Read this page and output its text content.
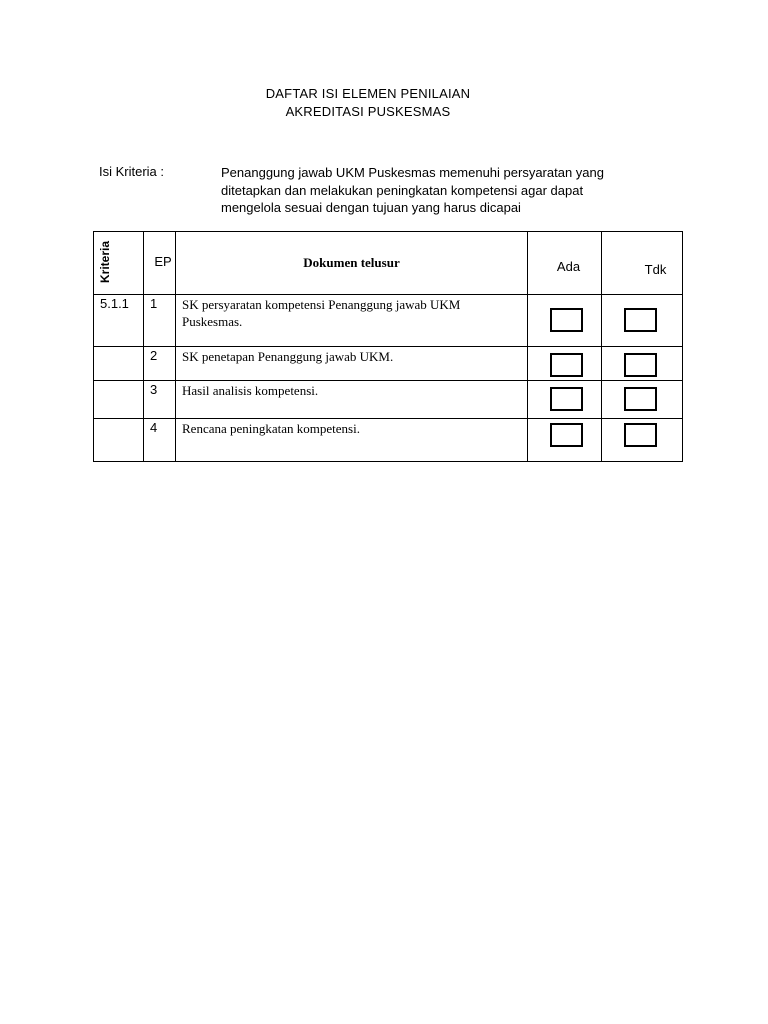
DAFTAR ISI ELEMEN PENILAIAN
AKREDITASI PUSKESMAS
Isi Kriteria :	Penanggung jawab UKM Puskesmas memenuhi persyaratan yang
ditetapkan dan melakukan peningkatan kompetensi agar dapat
mengelola sesuai dengan tujuan yang harus dicapai
Kriteria	EP	Dokumen telusur	Ada	Tdk
5.1.1	1	SK persyaratan kompetensi Penanggung jawab UKM Puskesmas.	

	2	SK penetapan Penanggung jawab UKM.	

	3	Hasil analisis kompetensi.	

	4	Rencana peningkatan kompetensi.	
